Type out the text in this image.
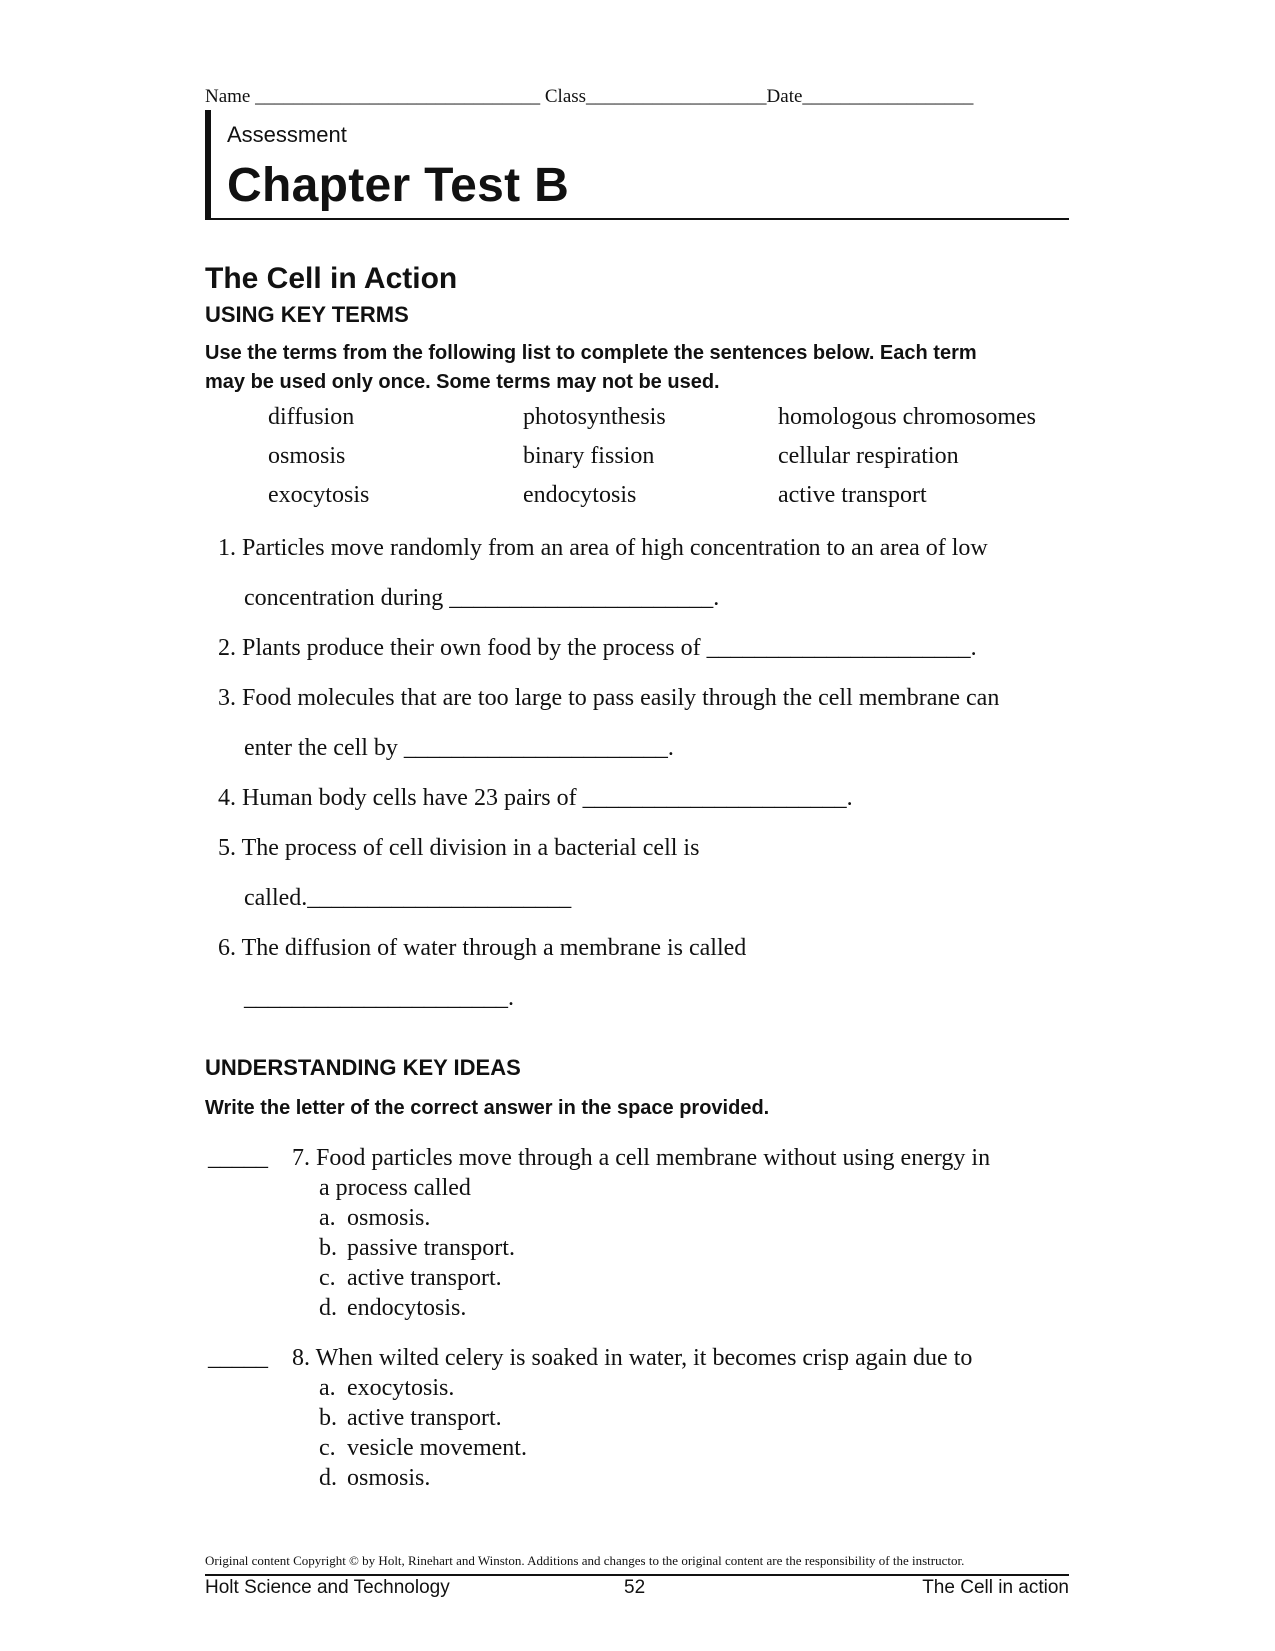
Name ______________________________ Class___________________Date__________________
Assessment
Chapter Test B
The Cell in Action
USING KEY TERMS
Use the terms from the following list to complete the sentences below. Each term
may be used only once. Some terms may not be used.
diffusion	photosynthesis	homologous chromosomes
osmosis	binary fission	cellular respiration
exocytosis	endocytosis	active transport
1. Particles move randomly from an area of high concentration to an area of low
concentration during ______________________.
2. Plants produce their own food by the process of ______________________.
3. Food molecules that are too large to pass easily through the cell membrane can
enter the cell by ______________________.
4. Human body cells have 23 pairs of ______________________.
5. The process of cell division in a bacterial cell is
called.______________________
6. The diffusion of water through a membrane is called
______________________.
UNDERSTANDING KEY IDEAS
Write the letter of the correct answer in the space provided.
_____ 7. Food particles move through a cell membrane without using energy in
a process called
a. osmosis.
b. passive transport.
c. active transport.
d. endocytosis.
_____ 8. When wilted celery is soaked in water, it becomes crisp again due to
a. exocytosis.
b. active transport.
c. vesicle movement.
d. osmosis.
Original content Copyright © by Holt, Rinehart and Winston. Additions and changes to the original content are the responsibility of the instructor.
Holt Science and Technology	52	The Cell in action
